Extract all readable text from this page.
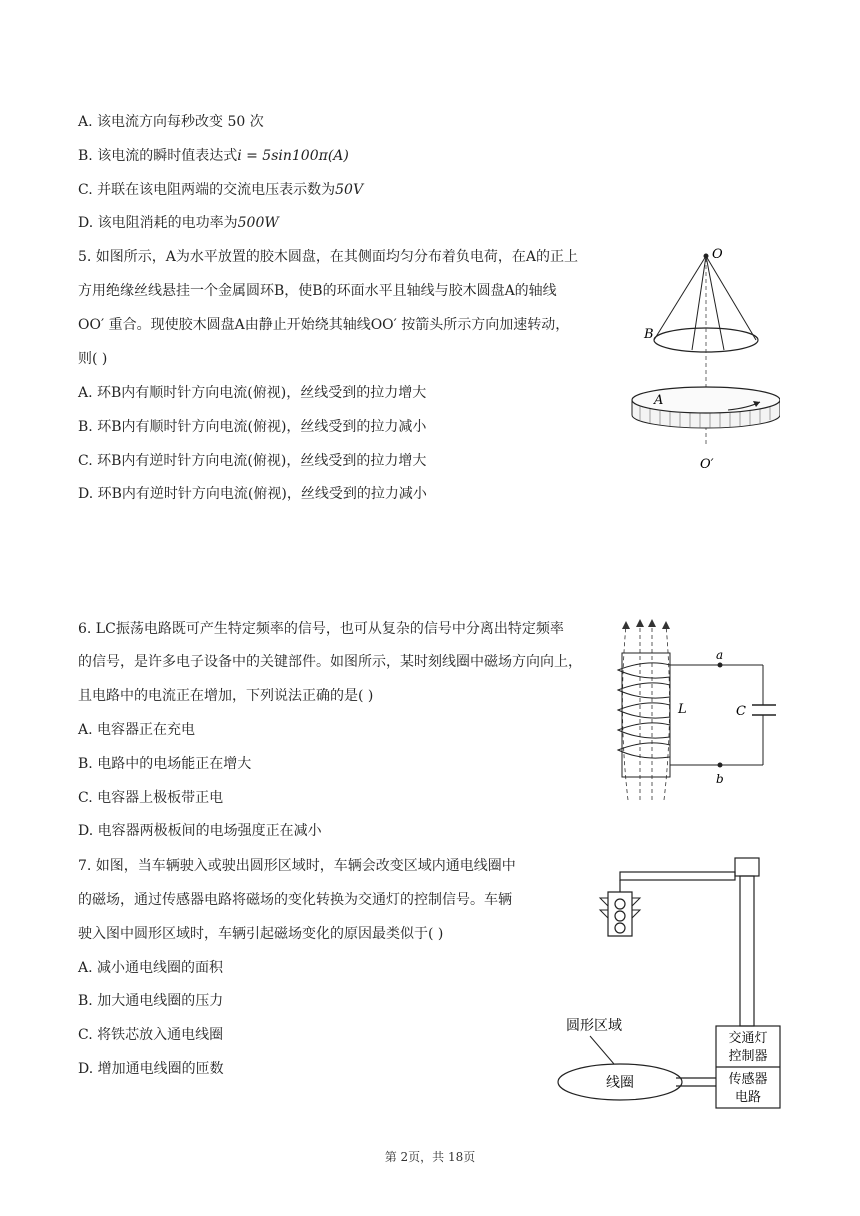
A. 该电流方向每秒改变 50 次
B. 该电流的瞬时值表达式i = 5sin100π(A)
C. 并联在该电阻两端的交流电压表示数为50V
D. 该电阻消耗的电功率为500W
5. 如图所示，A为水平放置的胶木圆盘，在其侧面均匀分布着负电荷，在A的正上
方用绝缘丝线悬挂一个金属圆环B，使B的环面水平且轴线与胶木圆盘A的轴线
OO′ 重合。现使胶木圆盘A由静止开始绕其轴线OO′ 按箭头所示方向加速转动，
则( )
A. 环B内有顺时针方向电流(俯视)，丝线受到的拉力增大
B. 环B内有顺时针方向电流(俯视)，丝线受到的拉力减小
C. 环B内有逆时针方向电流(俯视)，丝线受到的拉力增大
D. 环B内有逆时针方向电流(俯视)，丝线受到的拉力减小
O
B
A
O′
6. LC振荡电路既可产生特定频率的信号，也可从复杂的信号中分离出特定频率
的信号，是许多电子设备中的关键部件。如图所示，某时刻线圈中磁场方向向上，
且电路中的电流正在增加，下列说法正确的是( )
A. 电容器正在充电
B. 电路中的电场能正在增大
C. 电容器上极板带正电
D. 电容器两极板间的电场强度正在减小
L	C
a
b
7. 如图，当车辆驶入或驶出圆形区域时，车辆会改变区域内通电线圈中
的磁场，通过传感器电路将磁场的变化转换为交通灯的控制信号。车辆
驶入图中圆形区域时，车辆引起磁场变化的原因最类似于( )
A. 减小通电线圈的面积
B. 加大通电线圈的压力
C. 将铁芯放入通电线圈
D. 增加通电线圈的匝数
交通灯
控制器
传感器
电路
线圈
圆形区域
第 2页，共 18页
